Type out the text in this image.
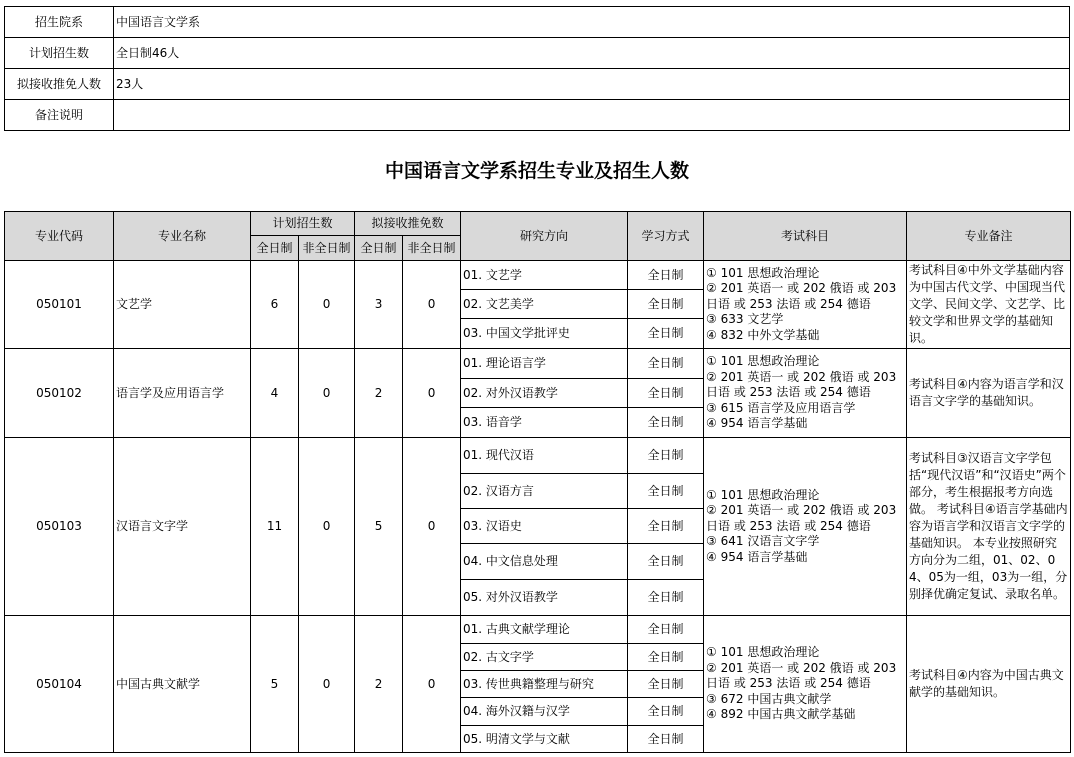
招生院系	中国语言文学系
计划招生数	全日制46人
拟接收推免人数	23人
备注说明	
中国语言文学系招生专业及招生人数
专业代码	专业名称	计划招生数		拟接收推免数		研究方向	学习方式	考试科目	专业备注
		全日制	非全日制	全日制	非全日制				
050101	文艺学	6	0	3	0	01. 文艺学	全日制	① 101 思想政治理论
② 201 英语一 或 202 俄语 或 203
日语 或 253 法语 或 254 德语
③ 633 文艺学
④ 832 中外文学基础	考试科目④中外文学基础内容为中国古代文学、中国现当代文学、民间文学、文艺学、比较文学和世界文学的基础知识。
						02. 文艺美学	全日制		
						03. 中国文学批评史	全日制		
050102	语言学及应用语言学	4	0	2	0	01. 理论语言学	全日制	① 101 思想政治理论
② 201 英语一 或 202 俄语 或 203
日语 或 253 法语 或 254 德语
③ 615 语言学及应用语言学
④ 954 语言学基础	考试科目④内容为语言学和汉语言文字学的基础知识。
						02. 对外汉语教学	全日制		
						03. 语音学	全日制		
050103	汉语言文字学	11	0	5	0	01. 现代汉语	全日制	① 101 思想政治理论
② 201 英语一 或 202 俄语 或 203
日语 或 253 法语 或 254 德语
③ 641 汉语言文字学
④ 954 语言学基础	考试科目③汉语言文字学包括“现代汉语”和“汉语史”两个部分，考生根据报考方向选做。 考试科目④语言学基础内容为语言学和汉语言文字学的基础知识。 本专业按照研究方向分为二组，01、02、04、05为一组，03为一组，分别择优确定复试、录取名单。
						02. 汉语方言	全日制		
						03. 汉语史	全日制		
						04. 中文信息处理	全日制		
						05. 对外汉语教学	全日制		
050104	中国古典文献学	5	0	2	0	01. 古典文献学理论	全日制	① 101 思想政治理论
② 201 英语一 或 202 俄语 或 203
日语 或 253 法语 或 254 德语
③ 672 中国古典文献学
④ 892 中国古典文献学基础	考试科目④内容为中国古典文献学的基础知识。
						02. 古文字学	全日制		
						03. 传世典籍整理与研究	全日制		
						04. 海外汉籍与汉学	全日制		
						05. 明清文学与文献	全日制		
